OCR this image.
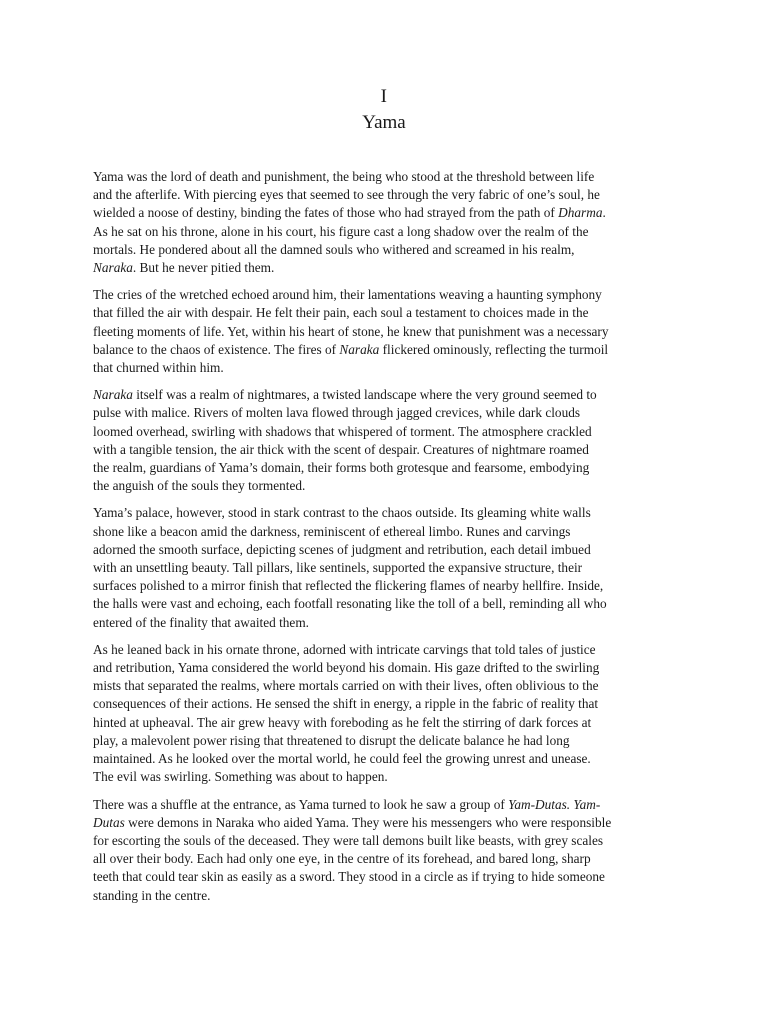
I
Yama

Yama was the lord of death and punishment, the being who stood at the threshold between life
and the afterlife. With piercing eyes that seemed to see through the very fabric of one’s soul, he
wielded a noose of destiny, binding the fates of those who had strayed from the path of Dharma.
As he sat on his throne, alone in his court, his figure cast a long shadow over the realm of the
mortals. He pondered about all the damned souls who withered and screamed in his realm,
Naraka. But he never pitied them.

The cries of the wretched echoed around him, their lamentations weaving a haunting symphony
that filled the air with despair. He felt their pain, each soul a testament to choices made in the
fleeting moments of life. Yet, within his heart of stone, he knew that punishment was a necessary
balance to the chaos of existence. The fires of Naraka flickered ominously, reflecting the turmoil
that churned within him.

Naraka itself was a realm of nightmares, a twisted landscape where the very ground seemed to
pulse with malice. Rivers of molten lava flowed through jagged crevices, while dark clouds
loomed overhead, swirling with shadows that whispered of torment. The atmosphere crackled
with a tangible tension, the air thick with the scent of despair. Creatures of nightmare roamed
the realm, guardians of Yama’s domain, their forms both grotesque and fearsome, embodying
the anguish of the souls they tormented.

Yama’s palace, however, stood in stark contrast to the chaos outside. Its gleaming white walls
shone like a beacon amid the darkness, reminiscent of ethereal limbo. Runes and carvings
adorned the smooth surface, depicting scenes of judgment and retribution, each detail imbued
with an unsettling beauty. Tall pillars, like sentinels, supported the expansive structure, their
surfaces polished to a mirror finish that reflected the flickering flames of nearby hellfire. Inside,
the halls were vast and echoing, each footfall resonating like the toll of a bell, reminding all who
entered of the finality that awaited them.

As he leaned back in his ornate throne, adorned with intricate carvings that told tales of justice
and retribution, Yama considered the world beyond his domain. His gaze drifted to the swirling
mists that separated the realms, where mortals carried on with their lives, often oblivious to the
consequences of their actions. He sensed the shift in energy, a ripple in the fabric of reality that
hinted at upheaval. The air grew heavy with foreboding as he felt the stirring of dark forces at
play, a malevolent power rising that threatened to disrupt the delicate balance he had long
maintained. As he looked over the mortal world, he could feel the growing unrest and unease.
The evil was swirling. Something was about to happen.

There was a shuffle at the entrance, as Yama turned to look he saw a group of Yam-Dutas. Yam-
Dutas were demons in Naraka who aided Yama. They were his messengers who were responsible
for escorting the souls of the deceased. They were tall demons built like beasts, with grey scales
all over their body. Each had only one eye, in the centre of its forehead, and bared long, sharp
teeth that could tear skin as easily as a sword. They stood in a circle as if trying to hide someone
standing in the centre.
